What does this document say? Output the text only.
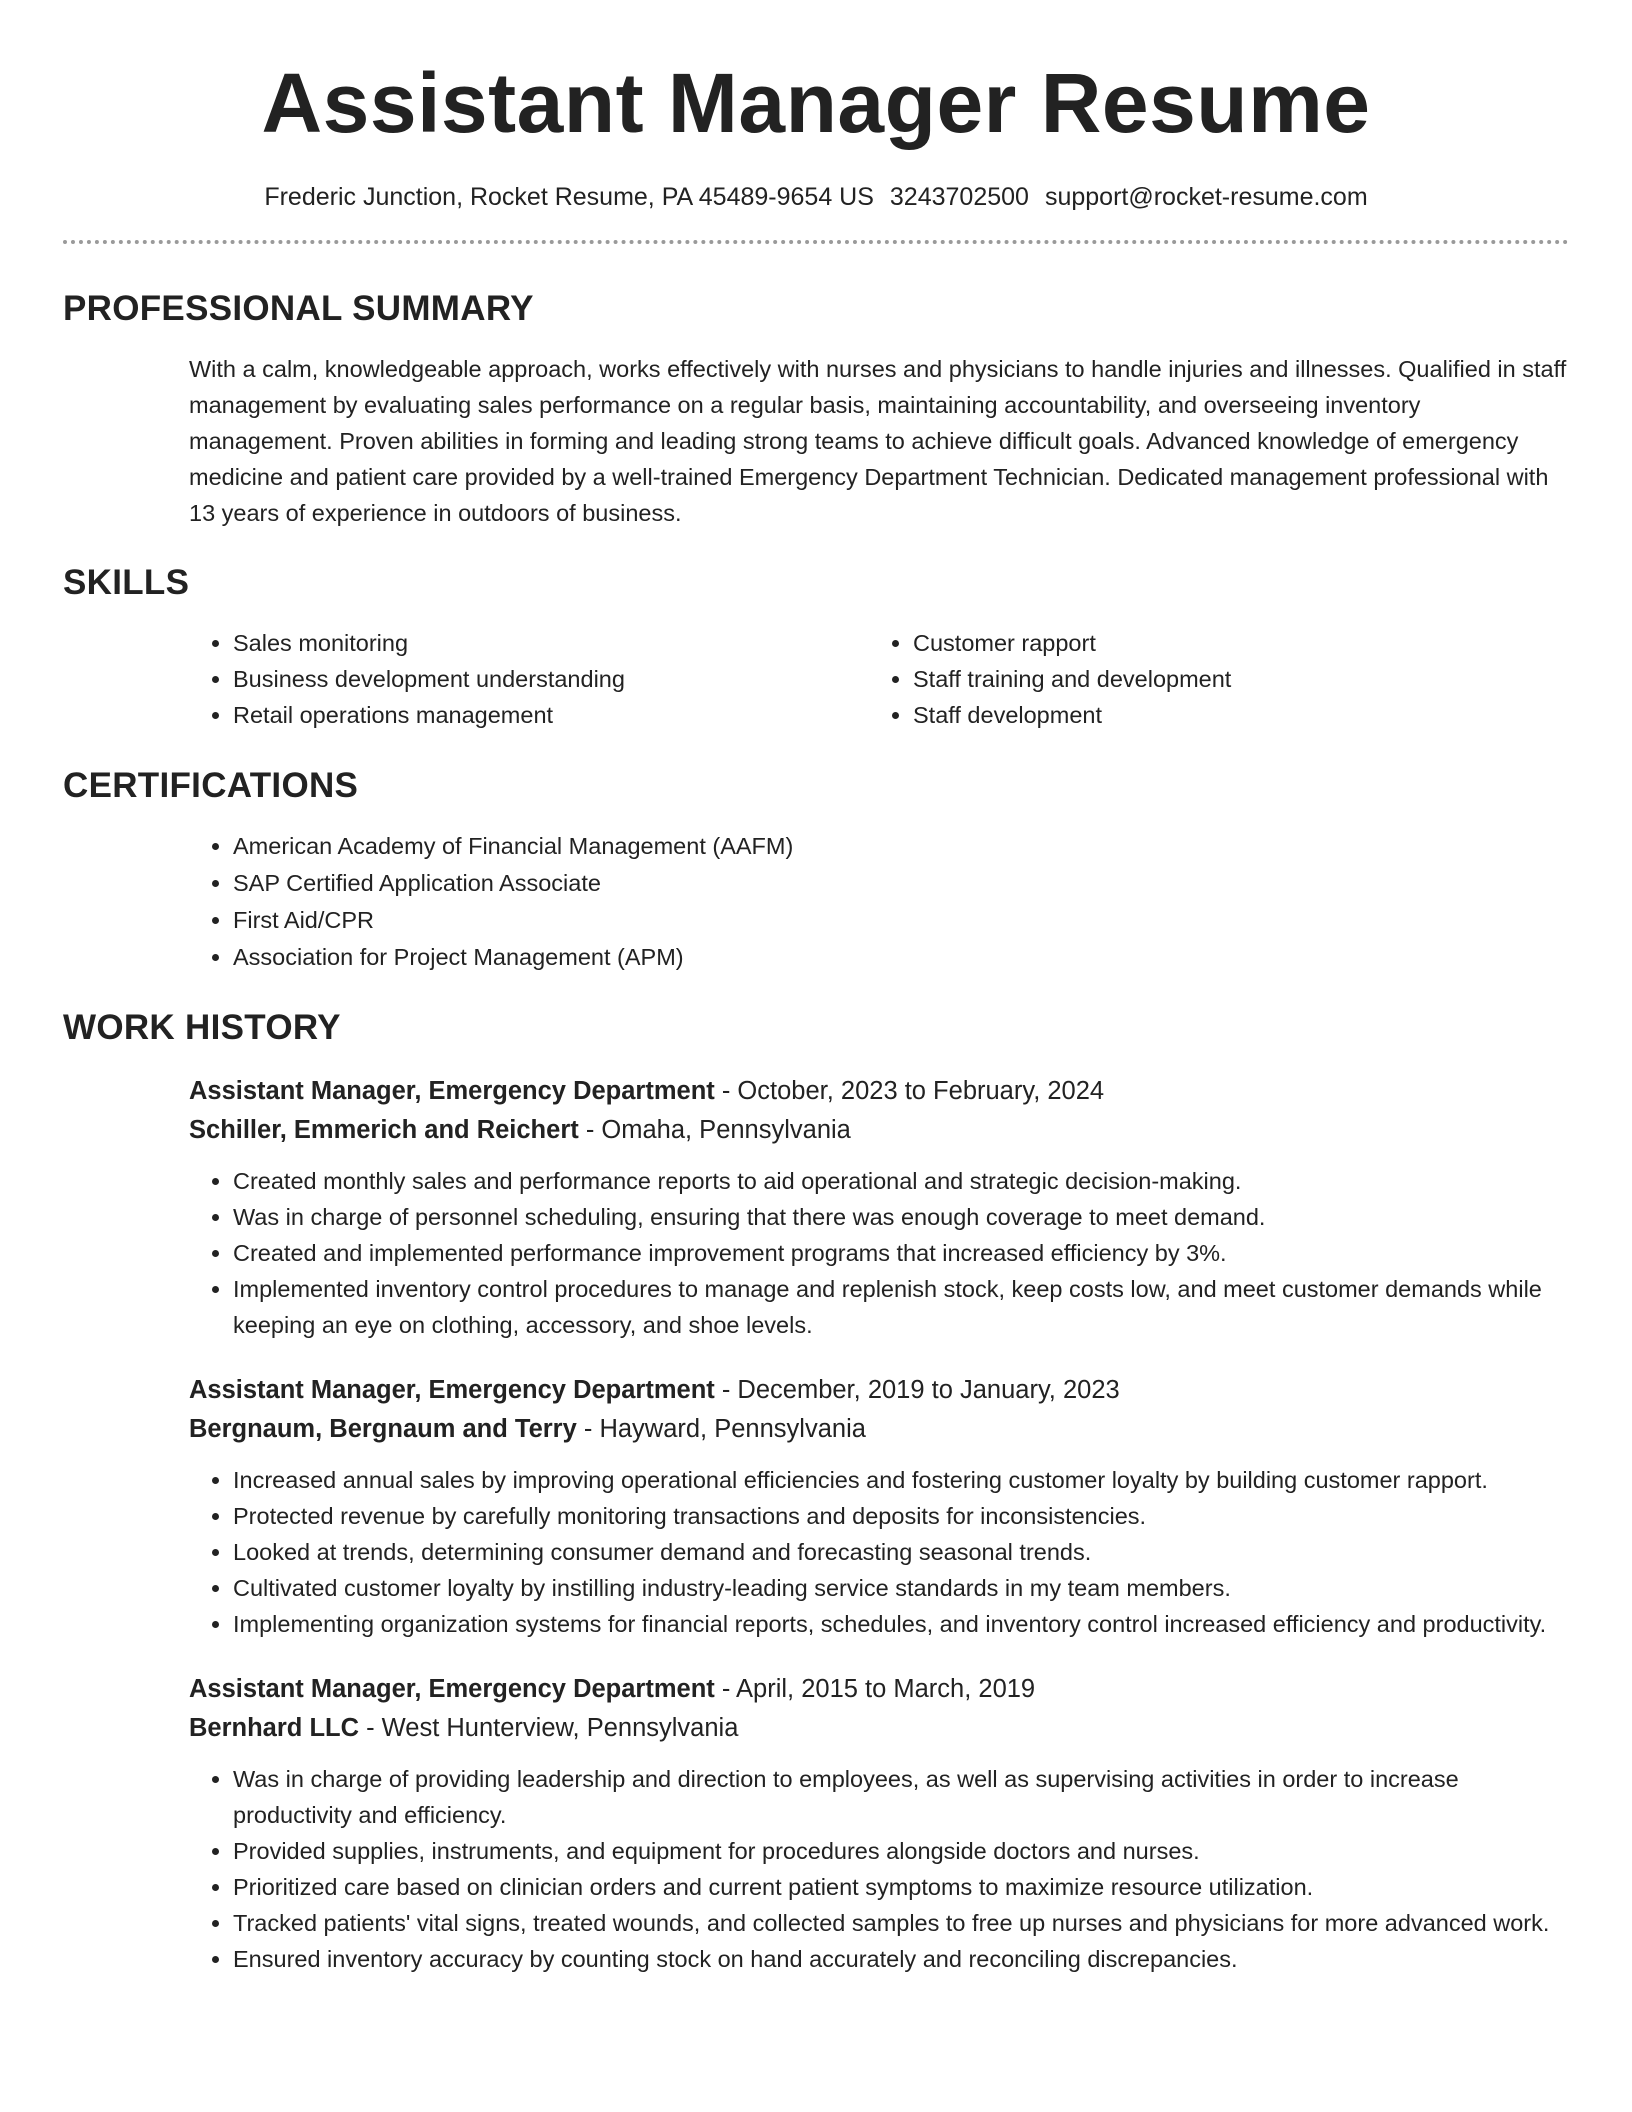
Assistant Manager Resume
Frederic Junction, Rocket Resume, PA 45489-9654 US 3243702500 support@rocket-resume.com
PROFESSIONAL SUMMARY

With a calm, knowledgeable approach, works effectively with nurses and physicians to handle injuries and illnesses. Qualified in staff management by evaluating sales performance on a regular basis, maintaining accountability, and overseeing inventory management. Proven abilities in forming and leading strong teams to achieve difficult goals. Advanced knowledge of emergency medicine and patient care provided by a well-trained Emergency Department Technician. Dedicated management professional with 13 years of experience in outdoors of business.

SKILLS
• Sales monitoring
• Business development understanding
• Retail operations management
• Customer rapport
• Staff training and development
• Staff development
CERTIFICATIONS
• American Academy of Financial Management (AAFM)
• SAP Certified Application Associate
• First Aid/CPR
• Association for Project Management (APM)
WORK HISTORY
Assistant Manager, Emergency Department - October, 2023 to February, 2024
Schiller, Emmerich and Reichert - Omaha, Pennsylvania
• Created monthly sales and performance reports to aid operational and strategic decision-making.
• Was in charge of personnel scheduling, ensuring that there was enough coverage to meet demand.
• Created and implemented performance improvement programs that increased efficiency by 3%.
• Implemented inventory control procedures to manage and replenish stock, keep costs low, and meet customer demands while keeping an eye on clothing, accessory, and shoe levels.
Assistant Manager, Emergency Department - December, 2019 to January, 2023
Bergnaum, Bergnaum and Terry - Hayward, Pennsylvania
• Increased annual sales by improving operational efficiencies and fostering customer loyalty by building customer rapport.
• Protected revenue by carefully monitoring transactions and deposits for inconsistencies.
• Looked at trends, determining consumer demand and forecasting seasonal trends.
• Cultivated customer loyalty by instilling industry-leading service standards in my team members.
• Implementing organization systems for financial reports, schedules, and inventory control increased efficiency and productivity.
Assistant Manager, Emergency Department - April, 2015 to March, 2019
Bernhard LLC - West Hunterview, Pennsylvania
• Was in charge of providing leadership and direction to employees, as well as supervising activities in order to increase productivity and efficiency.
• Provided supplies, instruments, and equipment for procedures alongside doctors and nurses.
• Prioritized care based on clinician orders and current patient symptoms to maximize resource utilization.
• Tracked patients' vital signs, treated wounds, and collected samples to free up nurses and physicians for more advanced work.
• Ensured inventory accuracy by counting stock on hand accurately and reconciling discrepancies.
